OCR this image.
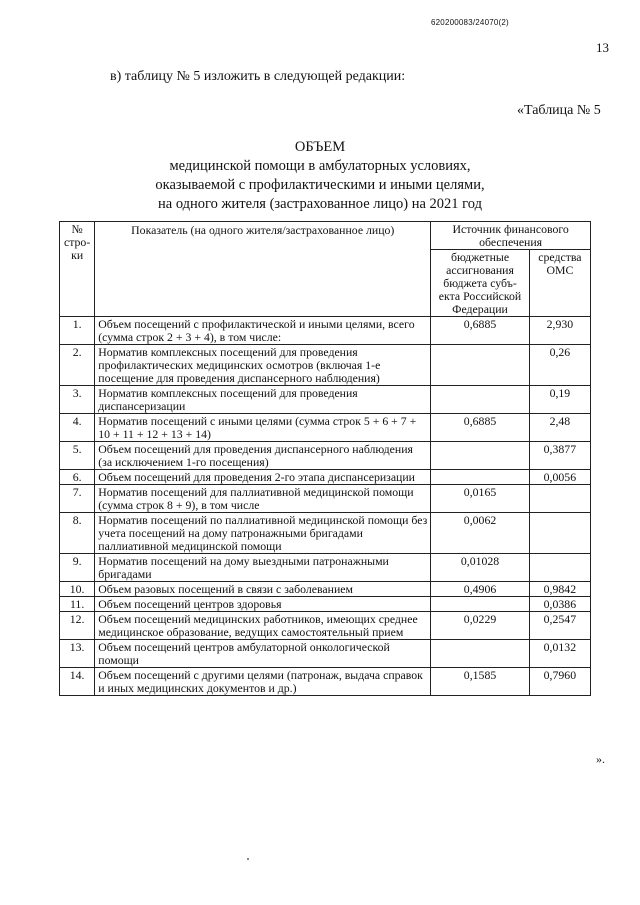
620200083/24070(2)
13
в) таблицу № 5 изложить в следующей редакции:
«Таблица № 5
ОБЪЕМ
медицинской помощи в амбулаторных условиях,
оказываемой с профилактическими и иными целями,
на одного жителя (застрахованное лицо) на 2021 год
№ стро-ки	Показатель (на одного жителя/застрахованное лицо)	Источник финансового обеспечения	
		бюджетные ассигнования бюджета субъ-екта Российской Федерации	средства ОМС
1.	Объем посещений с профилактической и иными целями, всего (сумма строк 2 + 3 + 4), в том числе:	0,6885	2,930
2.	Норматив комплексных посещений для проведения профилактических медицинских осмотров (включая 1-е посещение для проведения диспансерного наблюдения)		0,26
3.	Норматив комплексных посещений для проведения диспансеризации		0,19
4.	Норматив посещений с иными целями (сумма строк 5 + 6 + 7 + 10 + 11 + 12 + 13 + 14)	0,6885	2,48
5.	Объем посещений для проведения диспансерного наблюдения (за исключением 1-го посещения)		0,3877
6.	Объем посещений для проведения 2-го этапа диспансеризации		0,0056
7.	Норматив посещений для паллиативной медицинской помощи (сумма строк 8 + 9), в том числе	0,0165	
8.	Норматив посещений по паллиативной медицинской помощи без учета посещений на дому патронажными бригадами паллиативной медицинской помощи	0,0062	
9.	Норматив посещений на дому выездными патронажными бригадами	0,01028	
10.	Объем разовых посещений в связи с заболеванием	0,4906	0,9842
11.	Объем посещений центров здоровья		0,0386
12.	Объем посещений медицинских работников, имеющих среднее медицинское образование, ведущих самостоятельный прием	0,0229	0,2547
13.	Объем посещений центров амбулаторной онкологической помощи		0,0132
14.	Объем посещений с другими целями (патронаж, выдача справок и иных медицинских документов и др.)	0,1585	0,7960
».
